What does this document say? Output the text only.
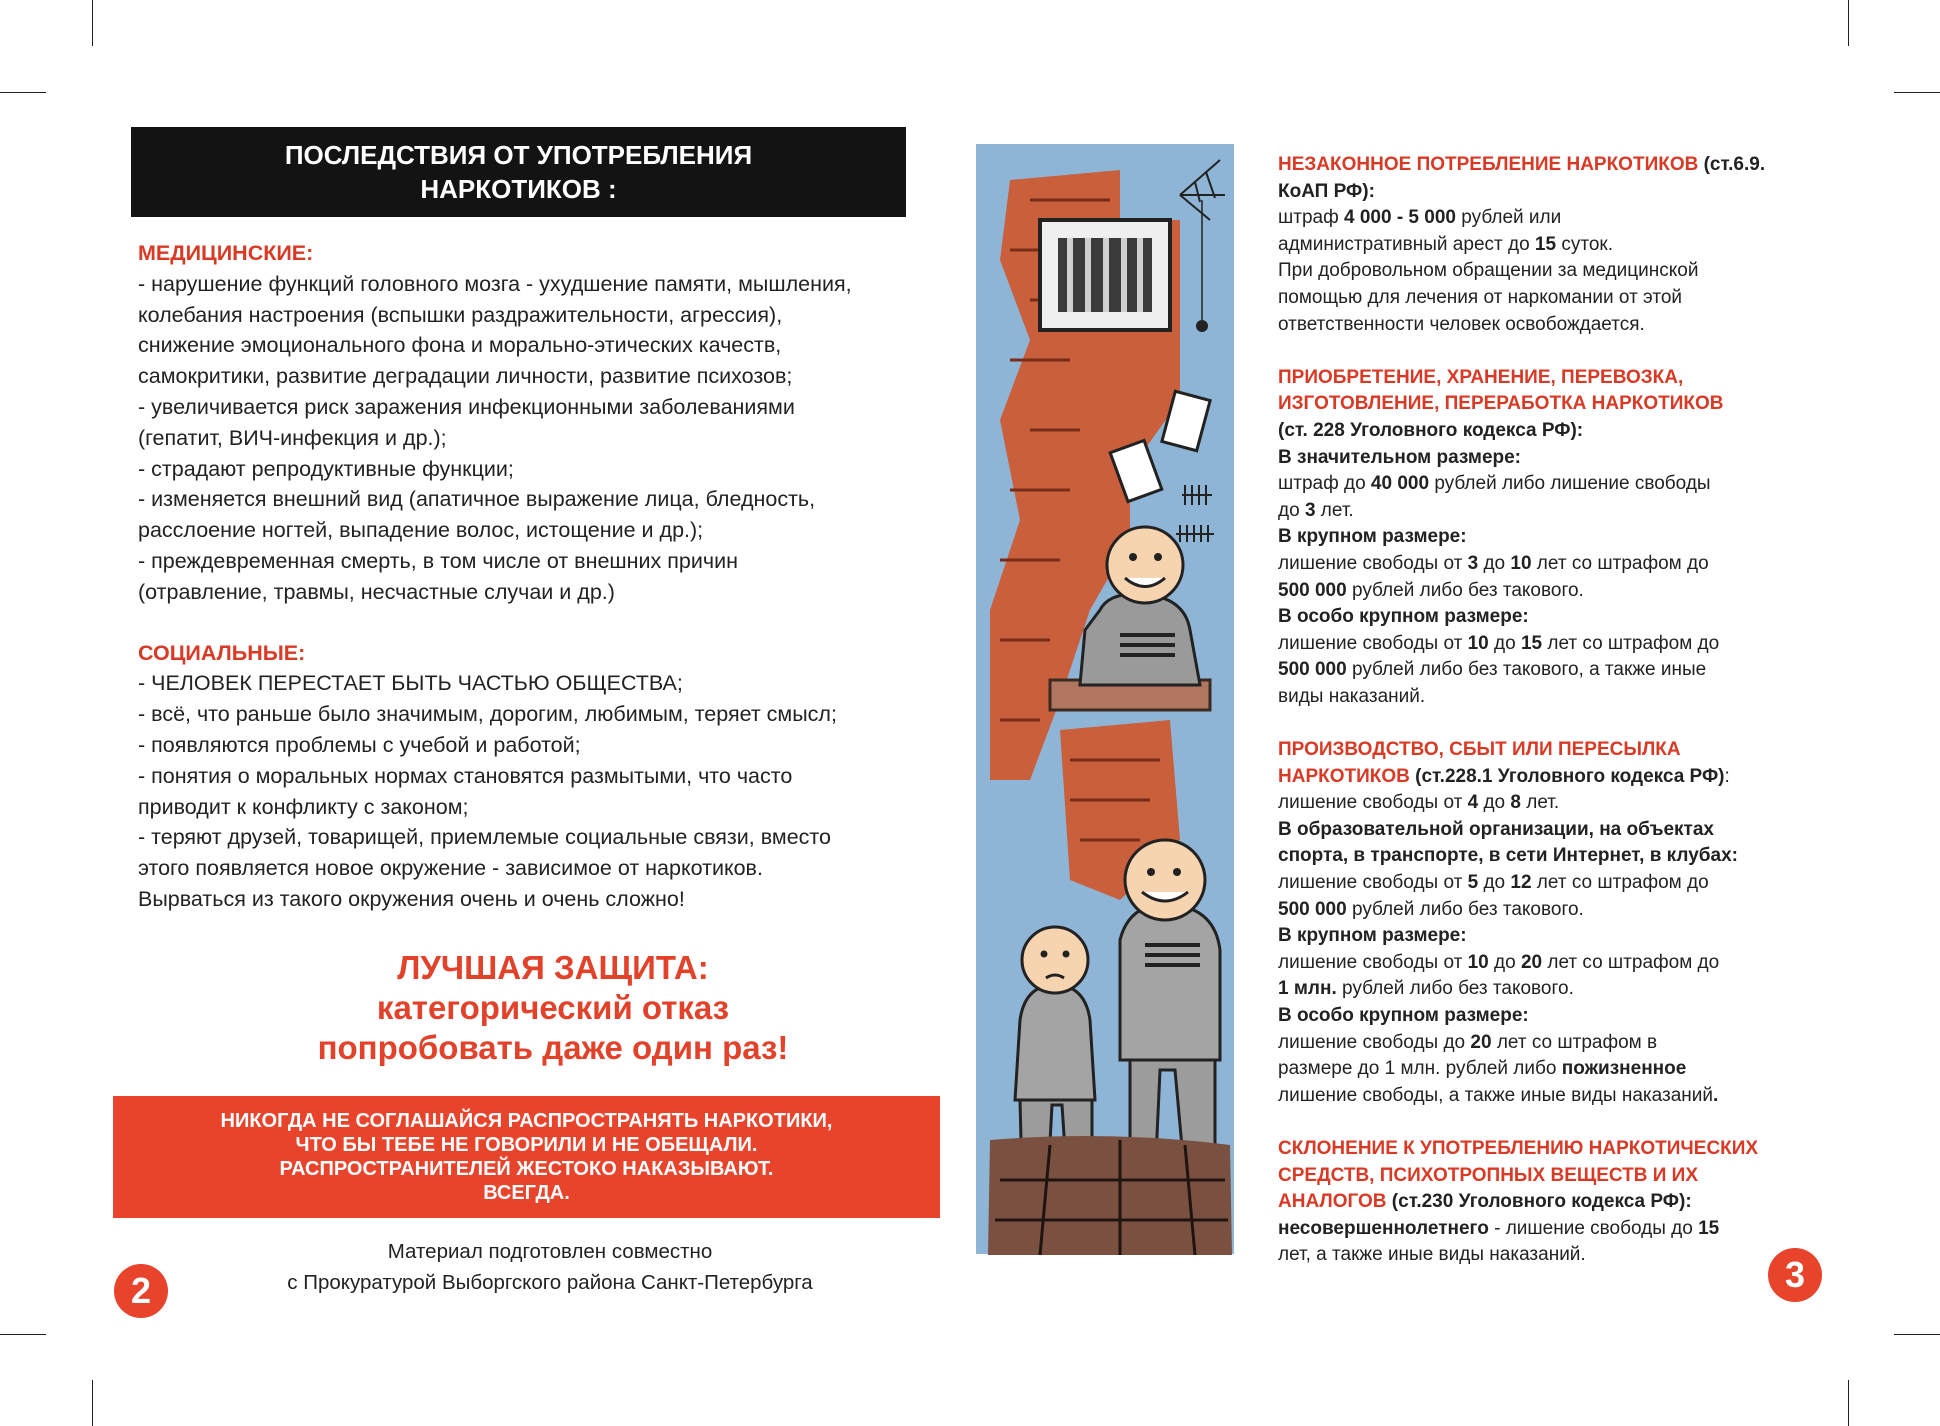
ПОСЛЕДСТВИЯ ОТ УПОТРЕБЛЕНИЯ
НАРКОТИКОВ :
МЕДИЦИНСКИЕ:
- нарушение функций головного мозга - ухудшение памяти, мышления,
колебания настроения (вспышки раздражительности, агрессия),
снижение эмоционального фона и морально-этических качеств,
самокритики, развитие деградации личности, развитие психозов;
- увеличивается риск заражения инфекционными заболеваниями
(гепатит, ВИЧ-инфекция и др.);
- страдают репродуктивные функции;
- изменяется внешний вид (апатичное выражение лица, бледность,
расслоение ногтей, выпадение волос, истощение и др.);
- преждевременная смерть, в том числе от внешних причин
(отравление, травмы, несчастные случаи и др.)
СОЦИАЛЬНЫЕ:
- ЧЕЛОВЕК ПЕРЕСТАЕТ БЫТЬ ЧАСТЬЮ ОБЩЕСТВА;
- всё, что раньше было значимым, дорогим, любимым, теряет смысл;
- появляются проблемы с учебой и работой;
- понятия о моральных нормах становятся размытыми, что часто
приводит к конфликту с законом;
- теряют друзей, товарищей, приемлемые социальные связи, вместо
этого появляется новое окружение - зависимое от наркотиков.
Вырваться из такого окружения очень и очень сложно!
ЛУЧШАЯ ЗАЩИТА:
категорический отказ
попробовать даже один раз!
НИКОГДА НЕ СОГЛАШАЙСЯ РАСПРОСТРАНЯТЬ НАРКОТИКИ,
ЧТО БЫ ТЕБЕ НЕ ГОВОРИЛИ И НЕ ОБЕЩАЛИ.
РАСПРОСТРАНИТЕЛЕЙ ЖЕСТОКО НАКАЗЫВАЮТ.
ВСЕГДА.
Материал подготовлен совместно
с Прокуратурой Выборгского района Санкт-Петербурга
2
НЕЗАКОННОЕ ПОТРЕБЛЕНИЕ НАРКОТИКОВ (ст.6.9.
КоАП РФ):
штраф 4 000 - 5 000 рублей или
административный арест до 15 суток.
При добровольном обращении за медицинской
помощью для лечения от наркомании от этой
ответственности человек освобождается.
ПРИОБРЕТЕНИЕ, ХРАНЕНИЕ, ПЕРЕВОЗКА,
ИЗГОТОВЛЕНИЕ, ПЕРЕРАБОТКА НАРКОТИКОВ
(ст. 228 Уголовного кодекса РФ):
В значительном размере:
штраф до 40 000 рублей либо лишение свободы
до 3 лет.
В крупном размере:
лишение свободы от 3 до 10 лет со штрафом до
500 000 рублей либо без такового.
В особо крупном размере:
лишение свободы от 10 до 15 лет со штрафом до
500 000 рублей либо без такового, а также иные
виды наказаний.
ПРОИЗВОДСТВО, СБЫТ ИЛИ ПЕРЕСЫЛКА
НАРКОТИКОВ (ст.228.1 Уголовного кодекса РФ):
лишение свободы от 4 до 8 лет.
В образовательной организации, на объектах
спорта, в транспорте, в сети Интернет, в клубах:
лишение свободы от 5 до 12 лет со штрафом до
500 000 рублей либо без такового.
В крупном размере:
лишение свободы от 10 до 20 лет со штрафом до
1 млн. рублей либо без такового.
В особо крупном размере:
лишение свободы до 20 лет со штрафом в
размере до 1 млн. рублей либо пожизненное
лишение свободы, а также иные виды наказаний.
СКЛОНЕНИЕ К УПОТРЕБЛЕНИЮ НАРКОТИЧЕСКИХ
СРЕДСТВ, ПСИХОТРОПНЫХ ВЕЩЕСТВ И ИХ
АНАЛОГОВ (ст.230 Уголовного кодекса РФ):
несовершеннолетнего - лишение свободы до 15
лет, а также иные виды наказаний.	3
